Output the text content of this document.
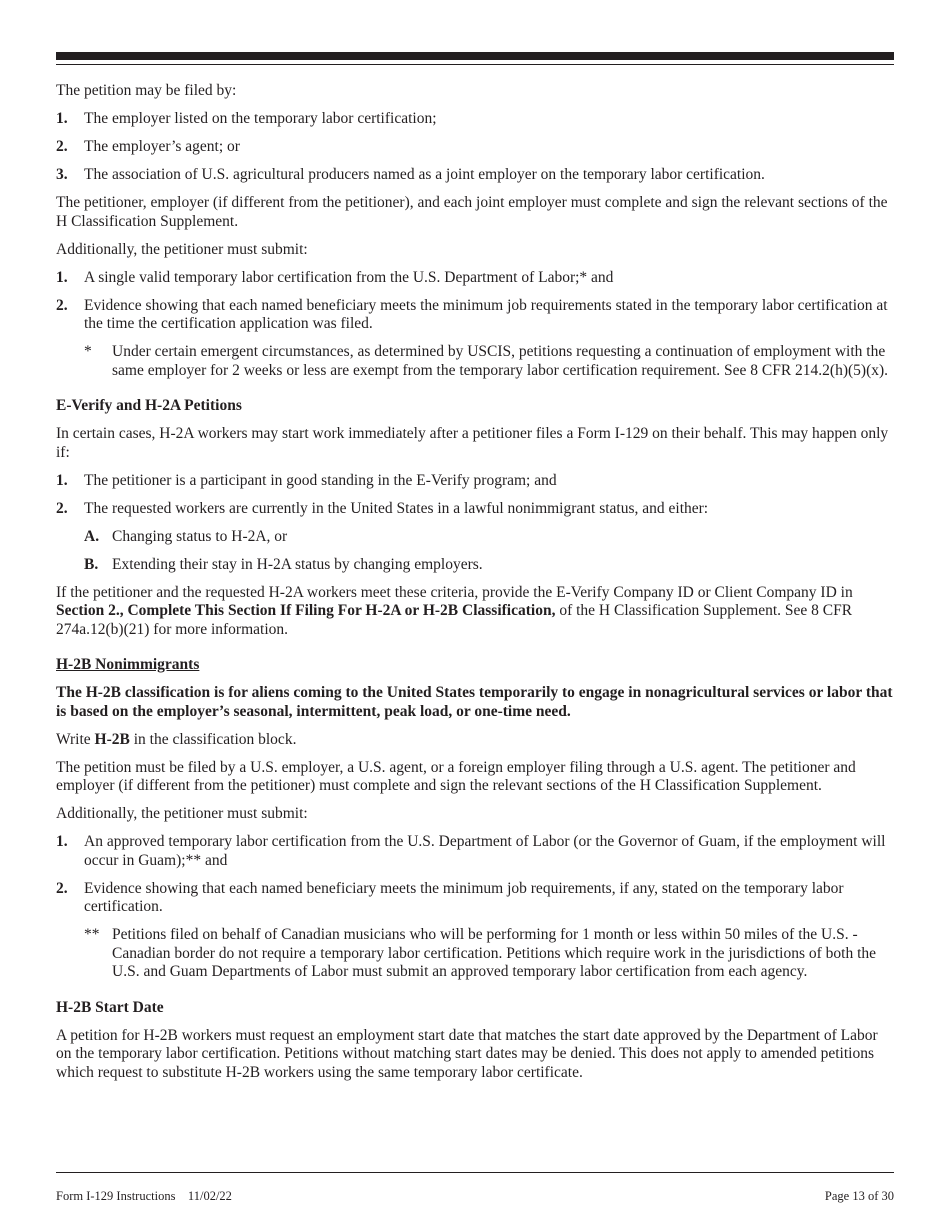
The petition may be filed by:

1. The employer listed on the temporary labor certification;
2. The employer’s agent; or
3. The association of U.S. agricultural producers named as a joint employer on the temporary labor certification.

The petitioner, employer (if different from the petitioner), and each joint employer must complete and sign the relevant sections of the H Classification Supplement.

Additionally, the petitioner must submit:

1. A single valid temporary labor certification from the U.S. Department of Labor;* and
2. Evidence showing that each named beneficiary meets the minimum job requirements stated in the temporary labor certification at the time the certification application was filed.
* Under certain emergent circumstances, as determined by USCIS, petitions requesting a continuation of employment with the same employer for 2 weeks or less are exempt from the temporary labor certification requirement. See 8 CFR 214.2(h)(5)(x).
E-Verify and H-2A Petitions

In certain cases, H-2A workers may start work immediately after a petitioner files a Form I-129 on their behalf. This may happen only if:

1. The petitioner is a participant in good standing in the E-Verify program; and
2. The requested workers are currently in the United States in a lawful nonimmigrant status, and either:
A. Changing status to H-2A, or
B. Extending their stay in H-2A status by changing employers.

If the petitioner and the requested H-2A workers meet these criteria, provide the E-Verify Company ID or Client Company ID in Section 2., Complete This Section If Filing For H-2A or H-2B Classification, of the H Classification Supplement. See 8 CFR 274a.12(b)(21) for more information.

H-2B Nonimmigrants

The H-2B classification is for aliens coming to the United States temporarily to engage in nonagricultural services or labor that is based on the employer’s seasonal, intermittent, peak load, or one-time need.

Write H-2B in the classification block.

The petition must be filed by a U.S. employer, a U.S. agent, or a foreign employer filing through a U.S. agent. The petitioner and employer (if different from the petitioner) must complete and sign the relevant sections of the H Classification Supplement.

Additionally, the petitioner must submit:

1. An approved temporary labor certification from the U.S. Department of Labor (or the Governor of Guam, if the employment will occur in Guam);** and
2. Evidence showing that each named beneficiary meets the minimum job requirements, if any, stated on the temporary labor certification.
** Petitions filed on behalf of Canadian musicians who will be performing for 1 month or less within 50 miles of the U.S. - Canadian border do not require a temporary labor certification. Petitions which require work in the jurisdictions of both the U.S. and Guam Departments of Labor must submit an approved temporary labor certification from each agency.
H-2B Start Date

A petition for H-2B workers must request an employment start date that matches the start date approved by the Department of Labor on the temporary labor certification. Petitions without matching start dates may be denied. This does not apply to amended petitions which request to substitute H-2B workers using the same temporary labor certificate.

Form I-129 Instructions    11/02/22	Page 13 of 30
